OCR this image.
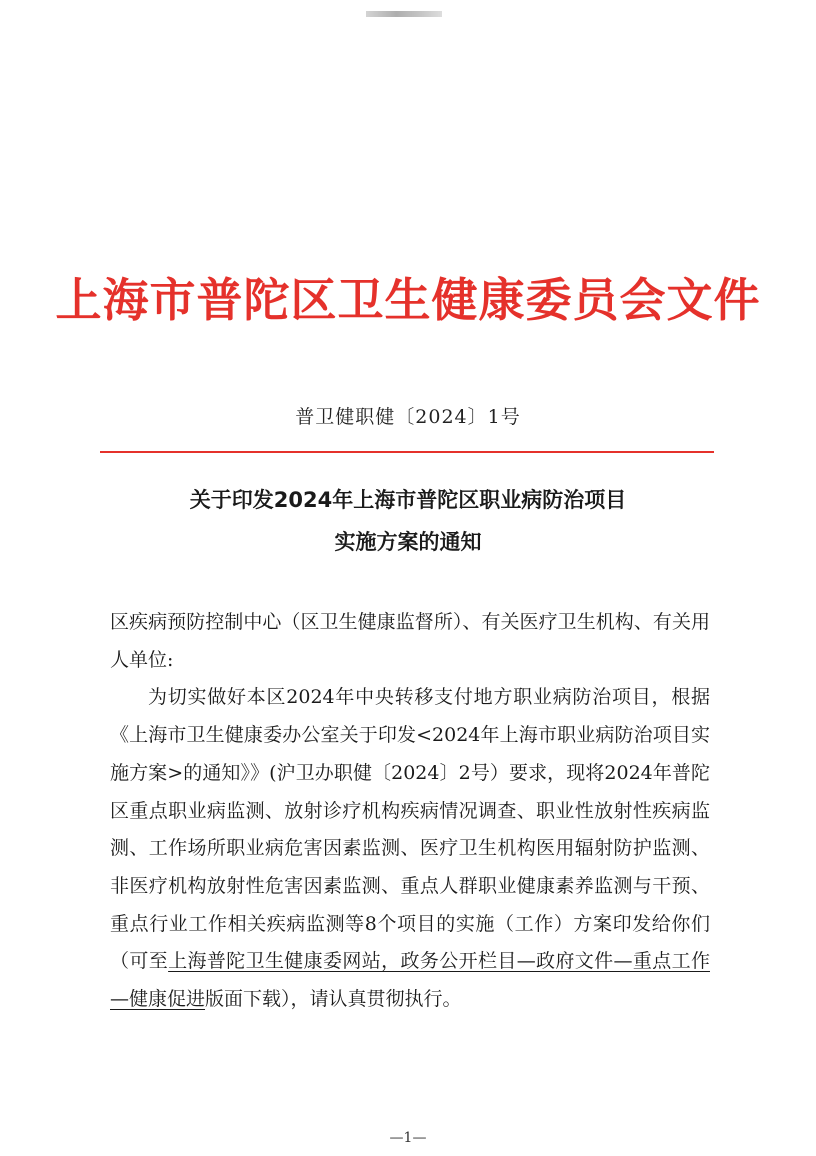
上海市普陀区卫生健康委员会文件
普卫健职健〔2024〕1号
关于印发2024年上海市普陀区职业病防治项目
实施方案的通知

区疾病预防控制中心（区卫生健康监督所）、有关医疗卫生机构、有关用人单位:

为切实做好本区2024年中央转移支付地方职业病防治项目，根据《上海市卫生健康委办公室关于印发<2024年上海市职业病防治项目实施方案>的通知》》(沪卫办职健〔2024〕2号）要求，现将2024年普陀区重点职业病监测、放射诊疗机构疾病情况调查、职业性放射性疾病监测、工作场所职业病危害因素监测、医疗卫生机构医用辐射防护监测、非医疗机构放射性危害因素监测、重点人群职业健康素养监测与干预、重点行业工作相关疾病监测等8个项目的实施（工作）方案印发给你们（可至上海普陀卫生健康委网站，政务公开栏目—政府文件—重点工作—健康促进版面下载），请认真贯彻执行。

—1—
